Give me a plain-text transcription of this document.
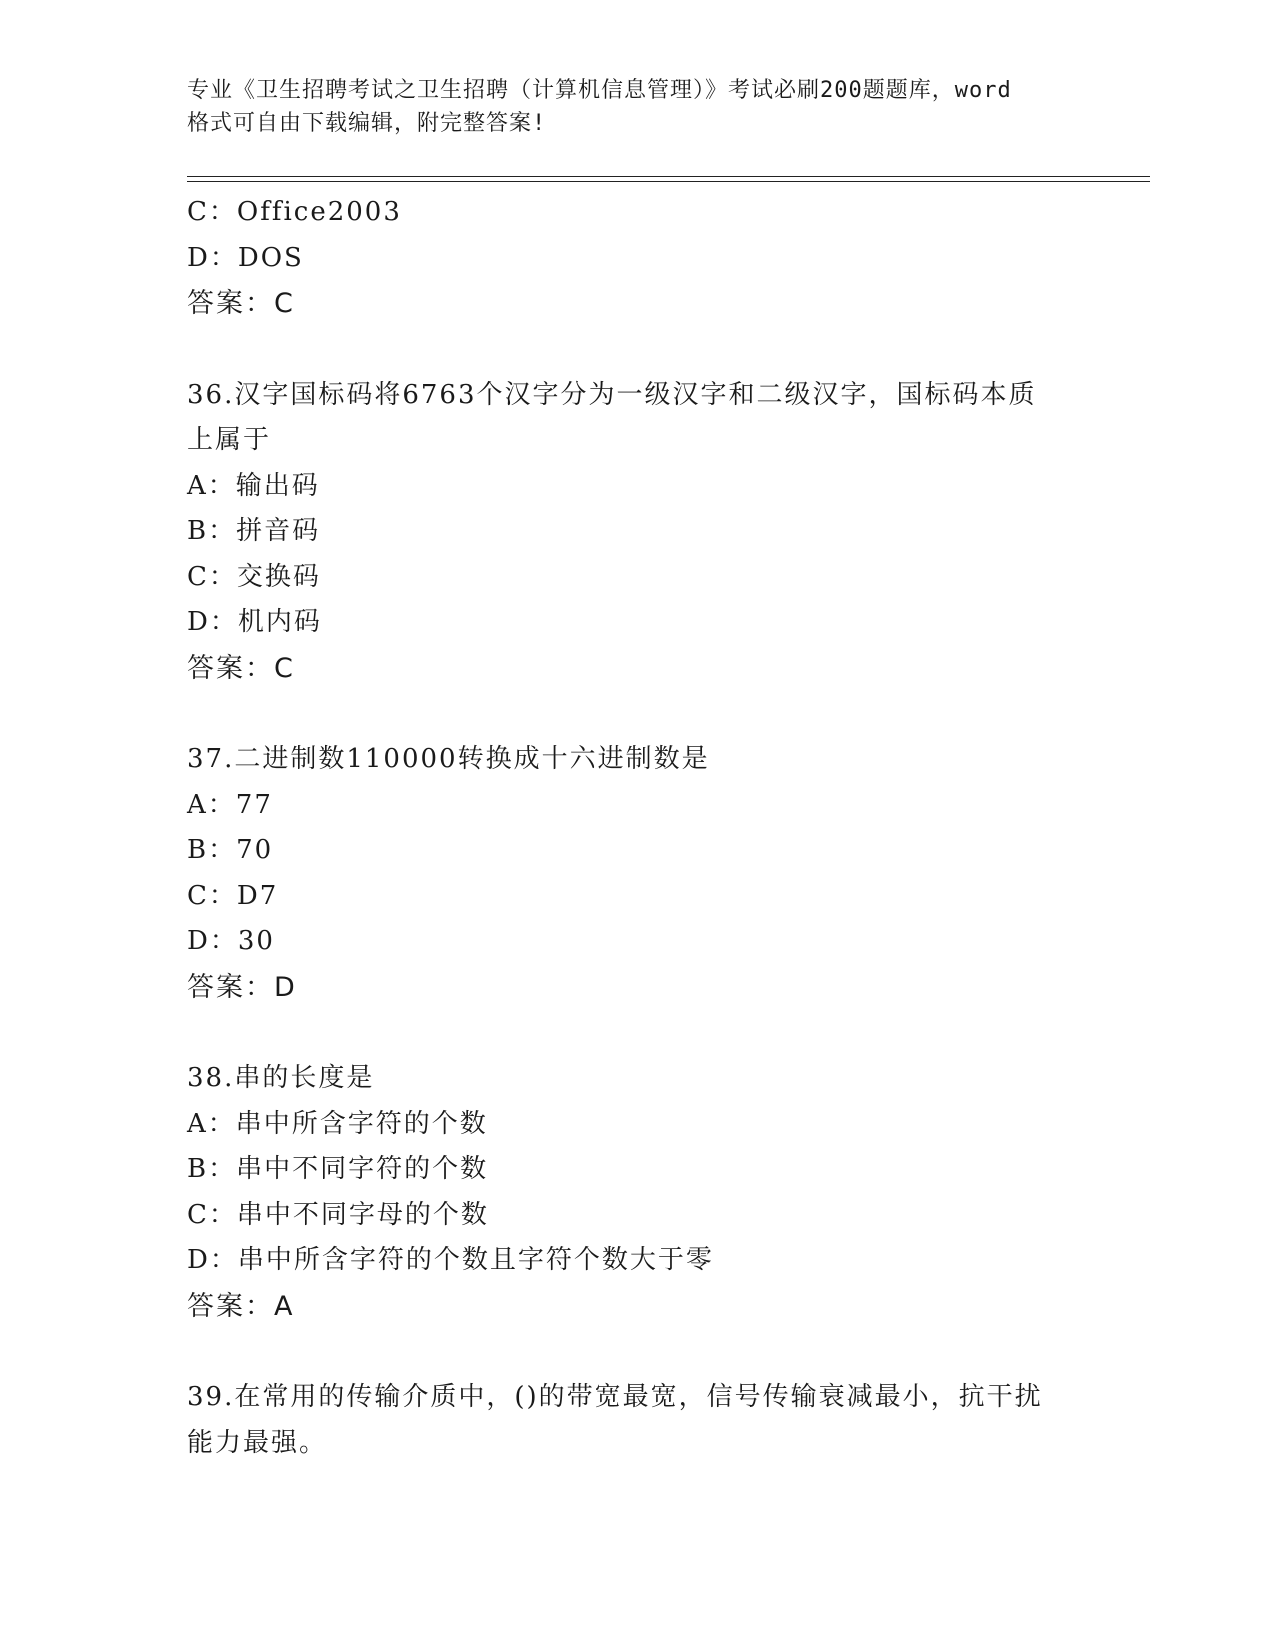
专业《卫生招聘考试之卫生招聘（计算机信息管理）》考试必刷200题题库，word
格式可自由下载编辑，附完整答案!
C：Office2003
D：DOS
答案：C
36.汉字国标码将6763个汉字分为一级汉字和二级汉字，国标码本质
上属于
A：输出码
B：拼音码
C：交换码
D：机内码
答案：C
37.二进制数110000转换成十六进制数是
A：77
B：70
C：D7
D：30
答案：D
38.串的长度是
A：串中所含字符的个数
B：串中不同字符的个数
C：串中不同字母的个数
D：串中所含字符的个数且字符个数大于零
答案：A
39.在常用的传输介质中，()的带宽最宽，信号传输衰减最小，抗干扰
能力最强。
